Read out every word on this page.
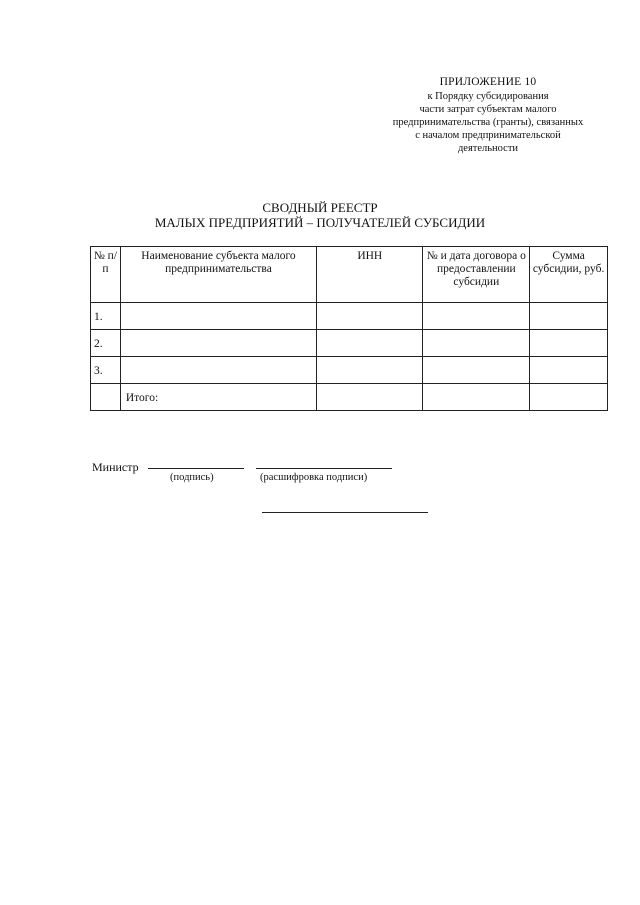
ПРИЛОЖЕНИЕ 10
к Порядку субсидирования
части затрат субъектам малого
предпринимательства (гранты), связанных
с началом предпринимательской
деятельности
СВОДНЫЙ РЕЕСТР
МАЛЫХ ПРЕДПРИЯТИЙ – ПОЛУЧАТЕЛЕЙ СУБСИДИИ
№ п/п	Наименование субъекта малого предпринимательства	ИНН	№ и дата договора о предоставлении субсидии	Сумма субсидии, руб.
1.				
2.				
3.				
	Итого:			
Министр
(подпись)	(расшифровка подписи)
